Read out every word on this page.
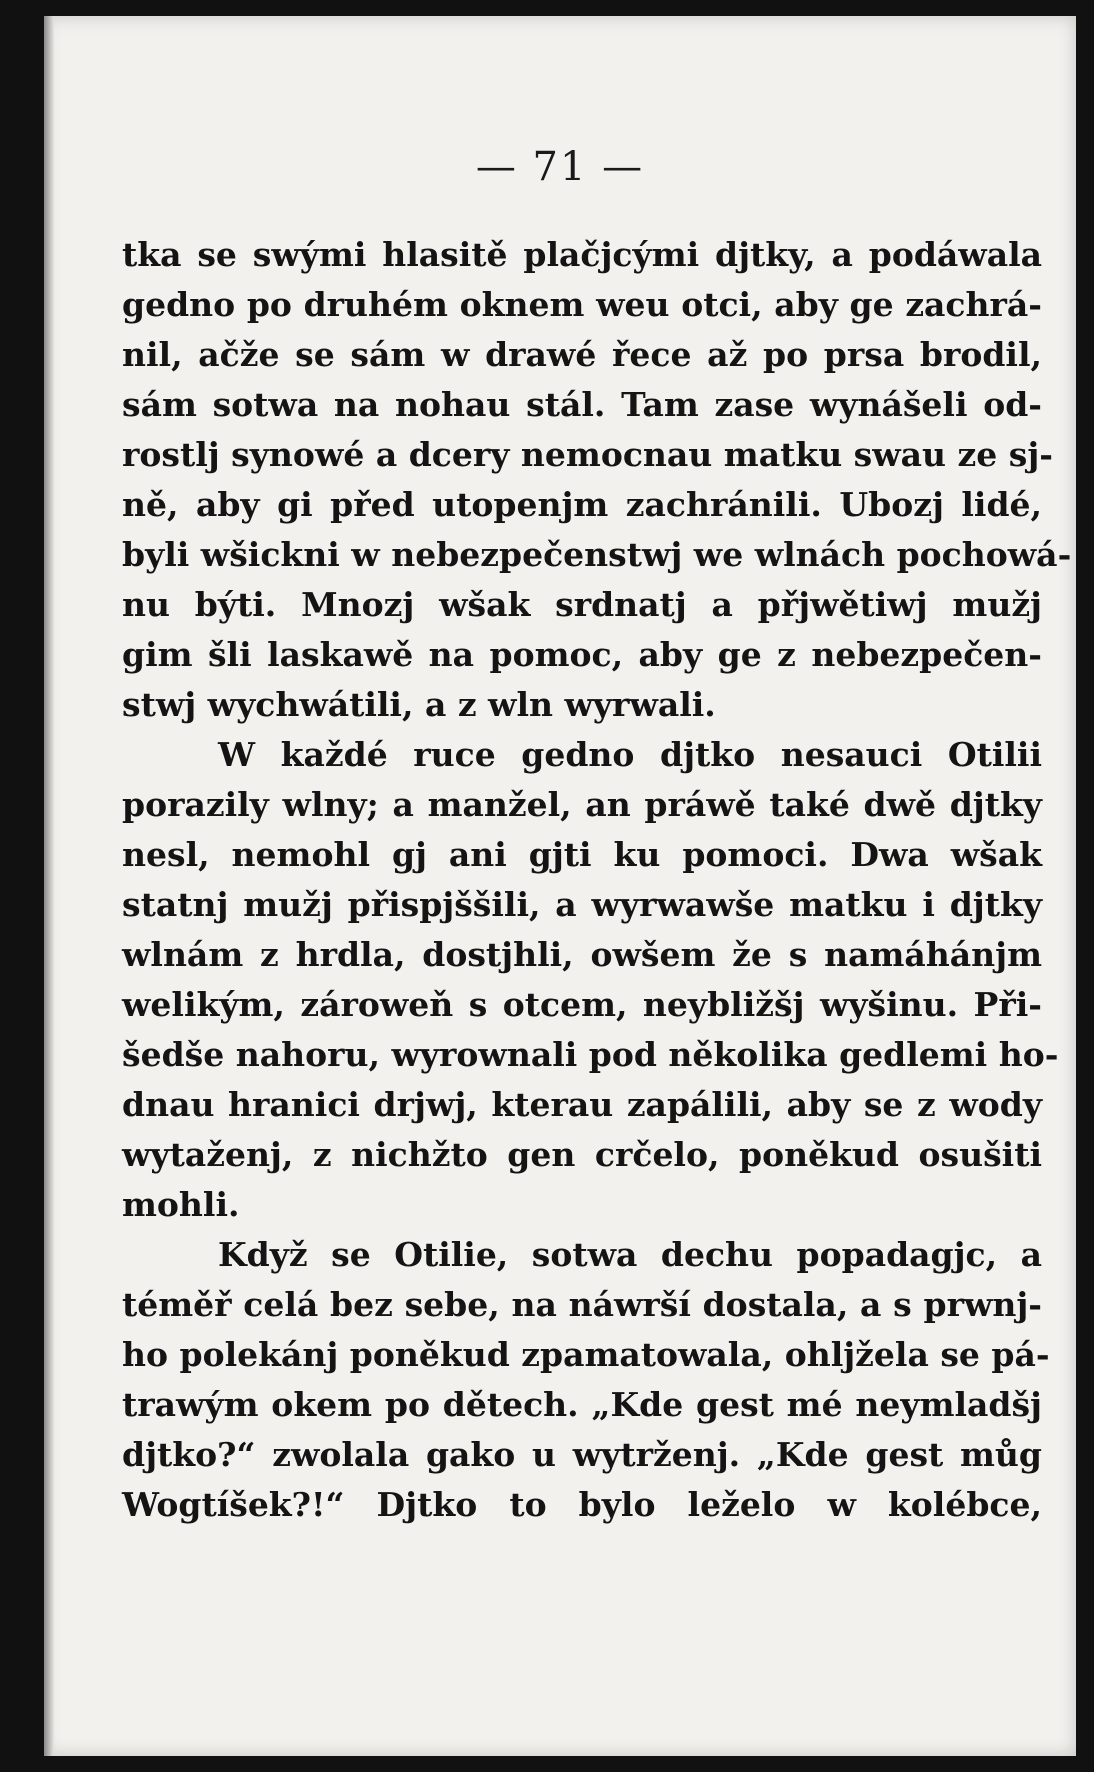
— 71 —
tka se swými hlasitě plačjcými djtky, a podáwala
gedno po druhém oknem weu otci, aby ge zachrá-
nil, ačže se sám w drawé řece až po prsa brodil,
sám sotwa na nohau stál. Tam zase wynášeli od-
rostlj synowé a dcery nemocnau matku swau ze sj-
ně, aby gi před utopenjm zachránili. Ubozj lidé,
byli wšickni w nebezpečenstwj we wlnách pochowá-
nu býti. Mnozj wšak srdnatj a přjwětiwj mužj
gim šli laskawě na pomoc, aby ge z nebezpečen-
stwj wychwátili, a z wln wyrwali.
W každé ruce gedno djtko nesauci Otilii
porazily wlny; a manžel, an práwě také dwě djtky
nesl, nemohl gj ani gjti ku pomoci. Dwa wšak
statnj mužj přispjššili, a wyrwawše matku i djtky
wlnám z hrdla, dostjhli, owšem že s namáhánjm
welikým, zároweň s otcem, neybližšj wyšinu. Při-
šedše nahoru, wyrownali pod několika gedlemi ho-
dnau hranici drjwj, kterau zapálili, aby se z wody
wytaženj, z nichžto gen crčelo, poněkud osušiti
mohli.
Když se Otilie, sotwa dechu popadagjc, a
téměř celá bez sebe, na náwrší dostala, a s prwnj-
ho polekánj poněkud zpamatowala, ohljžela se pá-
trawým okem po dětech. „Kde gest mé neymladšj
djtko?“ zwolala gako u wytrženj. „Kde gest můg
Wogtíšek?!“ Djtko to bylo leželo w kolébce,
